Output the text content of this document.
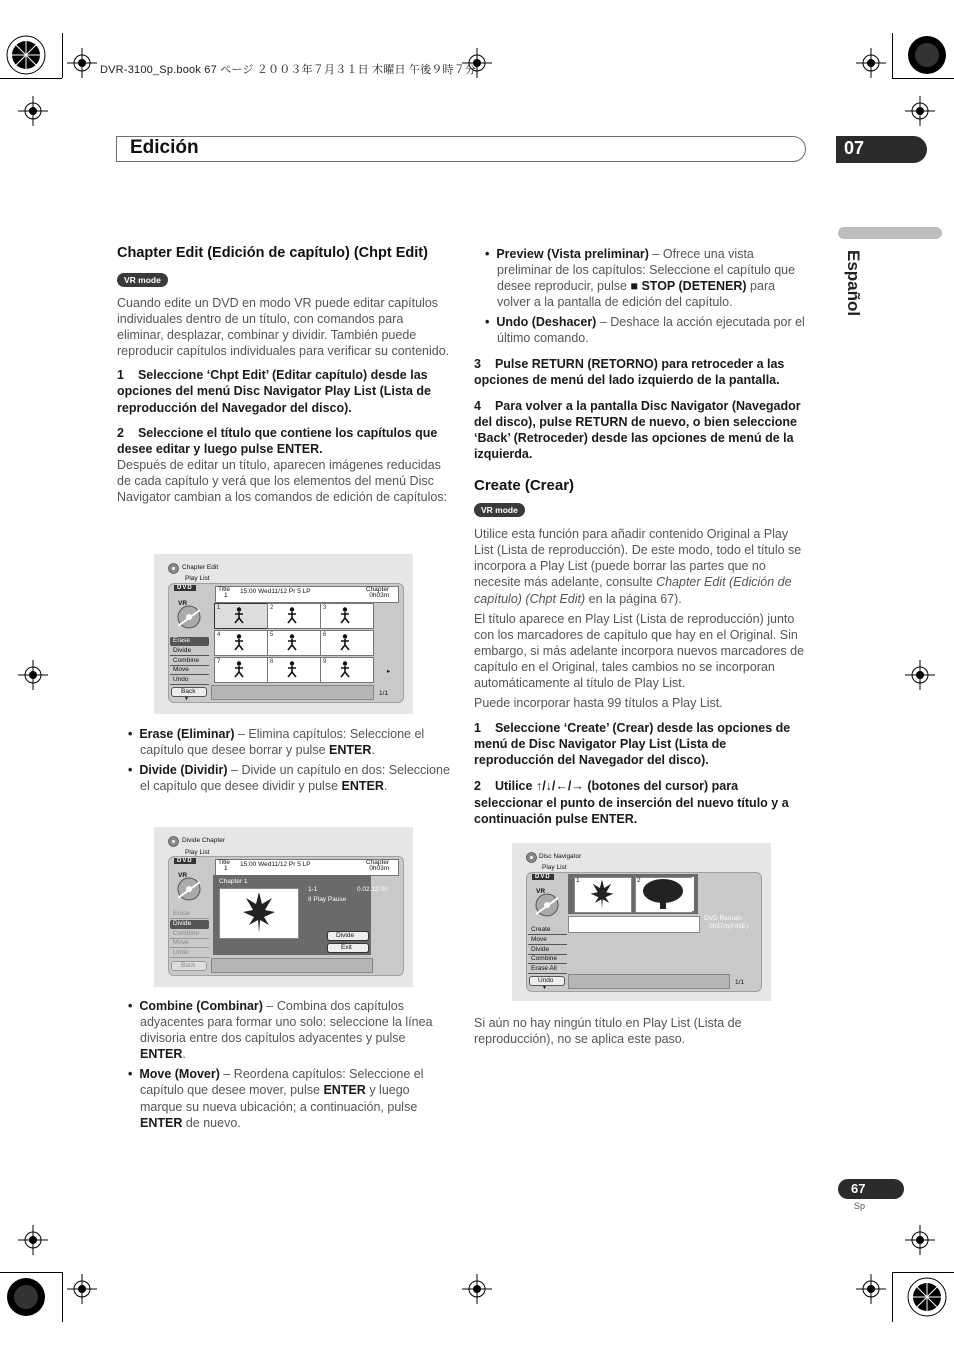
DVR-3100_Sp.book 67 ページ ２００３年７月３１日 木曜日 午後９時７分
Edición	07
Español
Chapter Edit (Edición de capítulo) (Chpt Edit)
VR mode
Cuando edite un DVD en modo VR puede editar capítulos individuales dentro de un título, con comandos para eliminar, desplazar, combinar y dividir. También puede reproducir capítulos individuales para verificar su contenido.
1 Seleccione ‘Chpt Edit’ (Editar capítulo) desde las opciones del menú Disc Navigator Play List (Lista de reproducción del Navegador del disco).
2 Seleccione el título que contiene los capítulos que desee editar y luego pulse ENTER.
Después de editar un título, aparecen imágenes reducidas de cada capítulo y verá que los elementos del menú Disc Navigator cambian a los comandos de edición de capítulos:
Chapter Edit
Play List
DVD
VR
Title
1
15:00 Wed11/12 Pr 5 LP	Chapter
0h03m
▸
1	2	3
4	5	6
7	8	9
Erase
Divide
Combine
Move
Undo
Back
▼
1/1
•  Erase (Eliminar) – Elimina capítulos: Seleccione el capítulo que desee borrar y pulse ENTER.
•  Divide (Dividir) – Divide un capítulo en dos: Seleccione el capítulo que desee dividir y pulse ENTER.
Divide Chapter
Play List
DVD
VR
Title
1
15:00 Wed11/12 Pr 5 LP	Chapter
0h03m
Chapter 1
1-1	0.02.12.00
II Play Pause
Divide
Exit
Erase
Divide
Combine
Move
Undo
Back
•  Combine (Combinar) – Combina dos capítulos adyacentes para formar uno solo: seleccione la línea divisoria entre dos capítulos adyacentes y pulse ENTER.
•  Move (Mover) – Reordena capítulos: Seleccione el capítulo que desee mover, pulse ENTER y luego marque su nueva ubicación; a continuación, pulse ENTER de nuevo.
•  Preview (Vista preliminar) – Ofrece una vista preliminar de los capítulos: Seleccione el capítulo que desee reproducir, pulse ■ STOP (DETENER) para volver a la pantalla de edición del capítulo.
•  Undo (Deshacer) – Deshace la acción ejecutada por el último comando.
3 Pulse RETURN (RETORNO) para retroceder a las opciones de menú del lado izquierdo de la pantalla.
4 Para volver a la pantalla Disc Navigator (Navegador del disco), pulse RETURN de nuevo, o bien seleccione ‘Back’ (Retroceder) desde las opciones de menú de la izquierda.
Create (Crear)
VR mode
Utilice esta función para añadir contenido Original a Play List (Lista de reproducción). De este modo, todo el título se incorpora a Play List (puede borrar las partes que no necesite más adelante, consulte Chapter Edit (Edición de capítulo) (Chpt Edit) en la página 67).
El título aparece en Play List (Lista de reproducción) junto con los marcadores de capítulo que hay en el Original. Sin embargo, si más adelante incorpora nuevos marcadores de capítulo en el Original, tales cambios no se incorporan automáticamente al título de Play List.
Puede incorporar hasta 99 títulos a Play List.
1 Seleccione ‘Create’ (Crear) desde las opciones de menú de Disc Navigator Play List (Lista de reproducción del Navegador del disco).
2 Utilice ↑/↓/←/→ (botones del cursor) para seleccionar el punto de inserción del nuevo título y a continuación pulse ENTER.
Disc Navigator
Play List
DVD
VR
1	2
DVD Remain
0h37m(FINE)
Create
Move
Divide
Combine
Erase All
Undo
▼
1/1
Si aún no hay ningún título en Play List (Lista de reproducción), no se aplica este paso.
67
Sp
